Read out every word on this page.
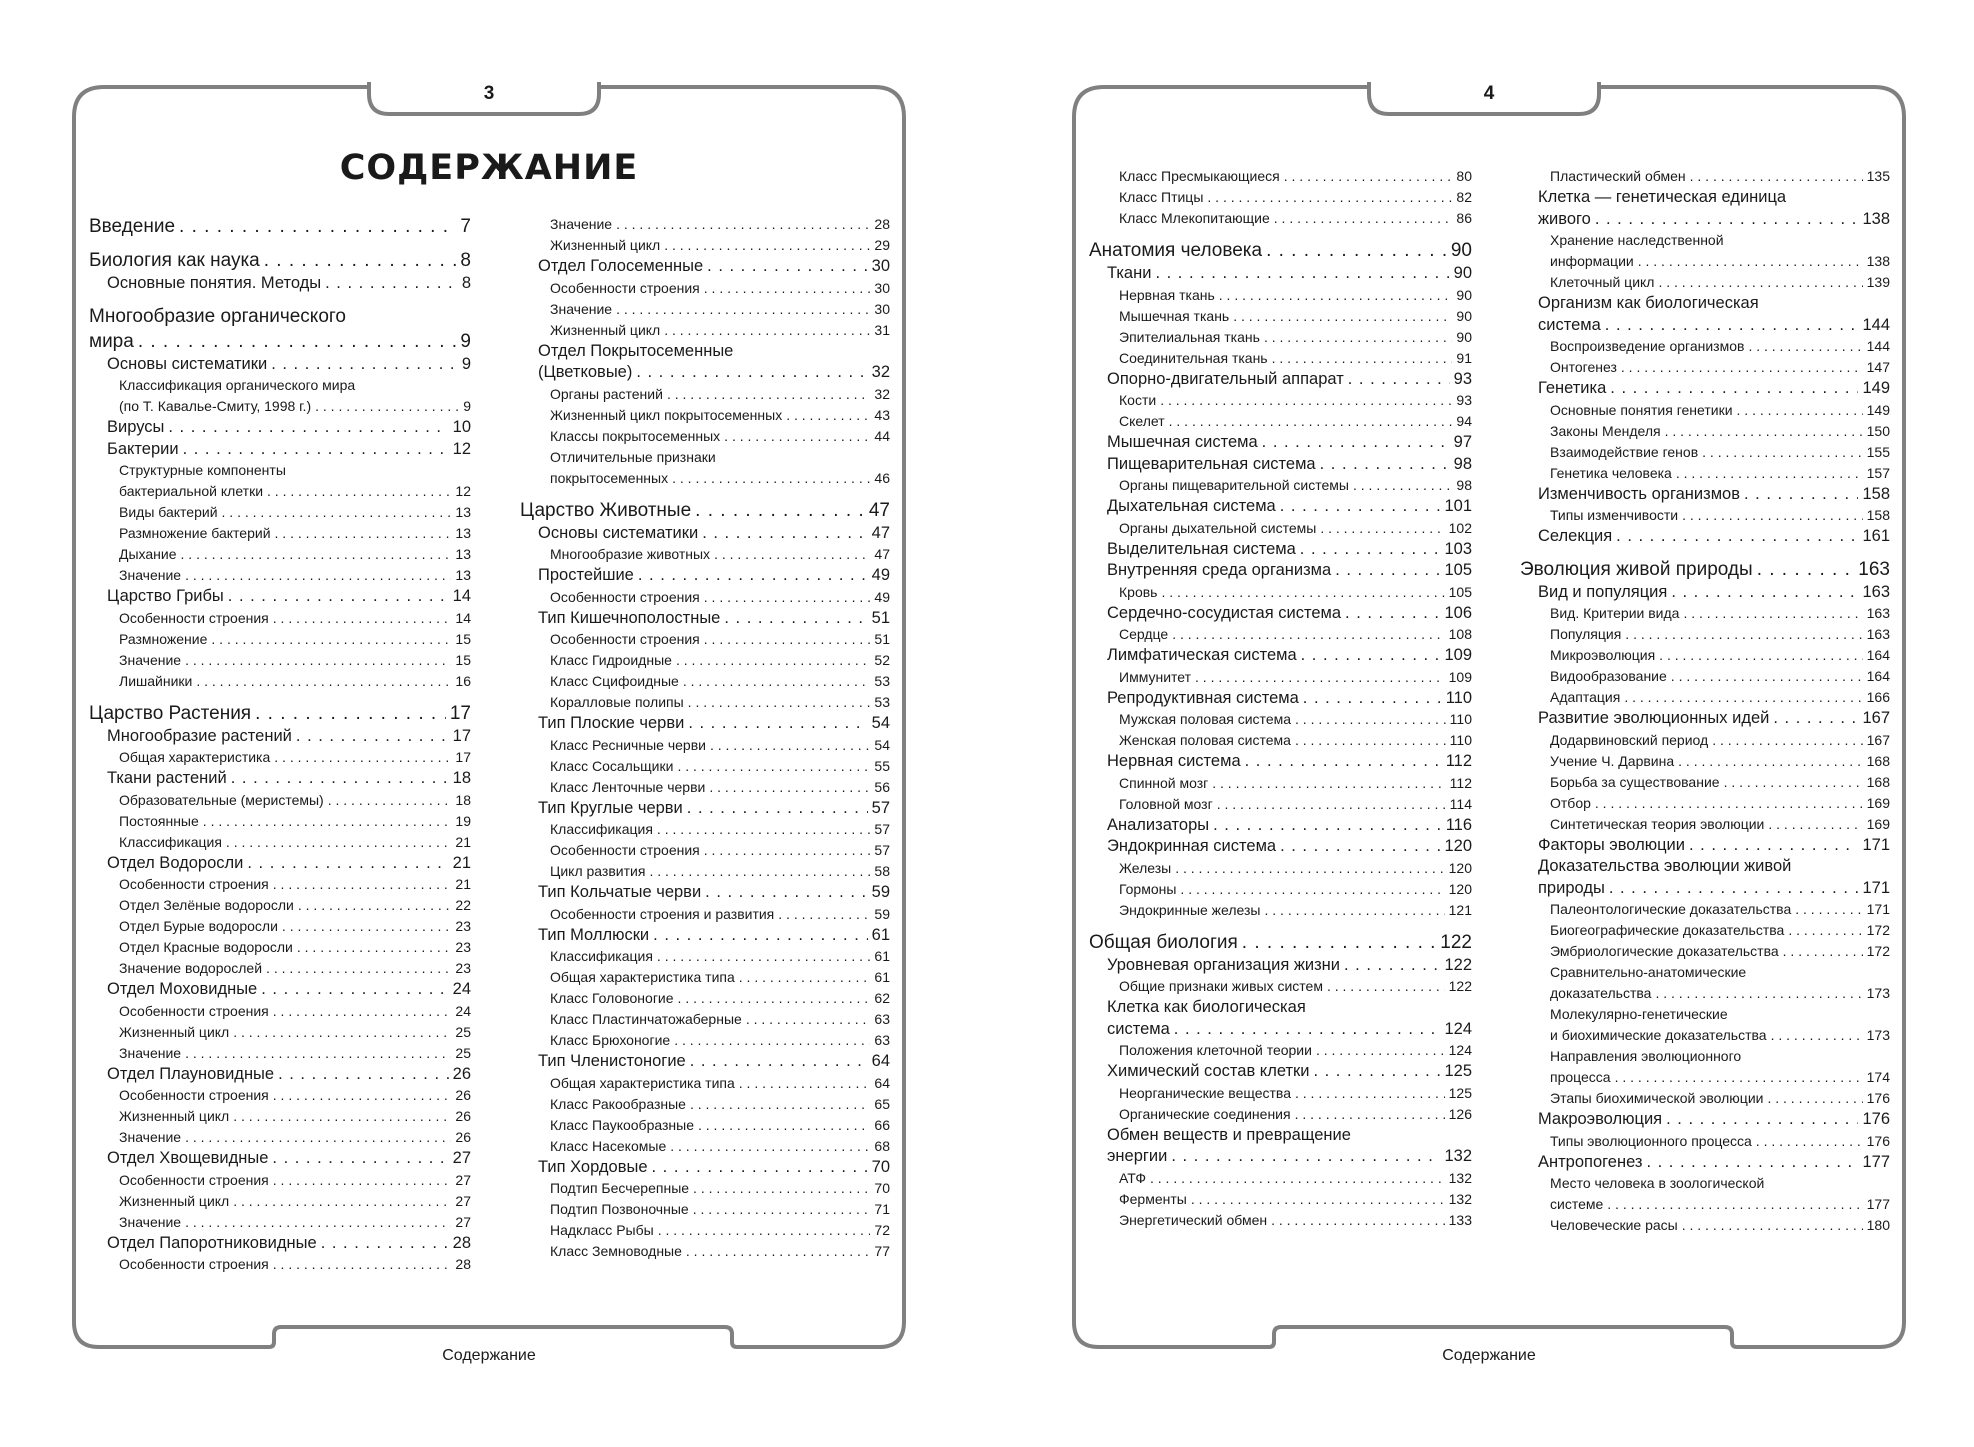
3
СОДЕРЖАНИЕ
Введение . . .	7
Биология как наука . . .	8
Основные понятия. Методы . . .	8
Многообразие органического
мира . . .	9
Основы систематики . . .	9
Классификация органического мира
(по Т. Кавалье-Смиту, 1998 г.) . . .	9
Вирусы . . .	10
Бактерии . . .	12
Структурные компоненты
бактериальной клетки . . .	12
Виды бактерий . . .	13
Размножение бактерий . . .	13
Дыхание . . .	13
Значение . . .	13
Царство Грибы . . .	14
Особенности строения . . .	14
Размножение . . .	15
Значение . . .	15
Лишайники . . .	16
Царство Растения . . .	17
Многообразие растений . . .	17
Общая характеристика . . .	17
Ткани растений . . .	18
Образовательные (меристемы) . . .	18
Постоянные . . .	19
Классификация . . .	21
Отдел Водоросли . . .	21
Особенности строения . . .	21
Отдел Зелёные водоросли . . .	22
Отдел Бурые водоросли . . .	23
Отдел Красные водоросли . . .	23
Значение водорослей . . .	23
Отдел Моховидные . . .	24
Особенности строения . . .	24
Жизненный цикл . . .	25
Значение . . .	25
Отдел Плауновидные . . .	26
Особенности строения . . .	26
Жизненный цикл . . .	26
Значение . . .	26
Отдел Хвощевидные . . .	27
Особенности строения . . .	27
Жизненный цикл . . .	27
Значение . . .	27
Отдел Папоротниковидные . . .	28
Особенности строения . . .	28
Значение . . .	28
Жизненный цикл . . .	29
Отдел Голосеменные . . .	30
Особенности строения . . .	30
Значение . . .	30
Жизненный цикл . . .	31
Отдел Покрытосеменные
(Цветковые) . . .	32
Органы растений . . .	32
Жизненный цикл покрытосеменных . . .	43
Классы покрытосеменных . . .	44
Отличительные признаки
покрытосеменных . . .	46
Царство Животные . . .	47
Основы систематики . . .	47
Многообразие животных . . .	47
Простейшие . . .	49
Особенности строения . . .	49
Тип Кишечнополостные . . .	51
Особенности строения . . .	51
Класс Гидроидные . . .	52
Класс Сцифоидные . . .	53
Коралловые полипы . . .	53
Тип Плоские черви . . .	54
Класс Ресничные черви . . .	54
Класс Сосальщики . . .	55
Класс Ленточные черви . . .	56
Тип Круглые черви . . .	57
Классификация . . .	57
Особенности строения . . .	57
Цикл развития . . .	58
Тип Кольчатые черви . . .	59
Особенности строения и развития . . .	59
Тип Моллюски . . .	61
Классификация . . .	61
Общая характеристика типа . . .	61
Класс Головоногие . . .	62
Класс Пластинчатожаберные . . .	63
Класс Брюхоногие . . .	63
Тип Членистоногие . . .	64
Общая характеристика типа . . .	64
Класс Ракообразные . . .	65
Класс Паукообразные . . .	66
Класс Насекомые . . .	68
Тип Хордовые . . .	70
Подтип Бесчерепные . . .	70
Подтип Позвоночные . . .	71
Надкласс Рыбы . . .	72
Класс Земноводные . . .	77
Содержание
4
Класс Пресмыкающиеся . . .	80
Класс Птицы . . .	82
Класс Млекопитающие . . .	86
Анатомия человека . . .	90
Ткани . . .	90
Нервная ткань . . .	90
Мышечная ткань . . .	90
Эпителиальная ткань . . .	90
Соединительная ткань . . .	91
Опорно-двигательный аппарат . . .	93
Кости . . .	93
Скелет . . .	94
Мышечная система . . .	97
Пищеварительная система . . .	98
Органы пищеварительной системы . . .	98
Дыхательная система . . .	101
Органы дыхательной системы . . .	102
Выделительная система . . .	103
Внутренняя среда организма . . .	105
Кровь . . .	105
Сердечно-сосудистая система . . .	106
Сердце . . .	108
Лимфатическая система . . .	109
Иммунитет . . .	109
Репродуктивная система . . .	110
Мужская половая система . . .	110
Женская половая система . . .	110
Нервная система . . .	112
Спинной мозг . . .	112
Головной мозг . . .	114
Анализаторы . . .	116
Эндокринная система . . .	120
Железы . . .	120
Гормоны . . .	120
Эндокринные железы . . .	121
Общая биология . . .	122
Уровневая организация жизни . . .	122
Общие признаки живых систем . . .	122
Клетка как биологическая
система . . .	124
Положения клеточной теории . . .	124
Химический состав клетки . . .	125
Неорганические вещества . . .	125
Органические соединения . . .	126
Обмен веществ и превращение
энергии . . .	132
АТФ . . .	132
Ферменты . . .	132
Энергетический обмен . . .	133
Пластический обмен . . .	135
Клетка — генетическая единица
живого . . .	138
Хранение наследственной
информации . . .	138
Клеточный цикл . . .	139
Организм как биологическая
система . . .	144
Воспроизведение организмов . . .	144
Онтогенез . . .	147
Генетика . . .	149
Основные понятия генетики . . .	149
Законы Менделя . . .	150
Взаимодействие генов . . .	155
Генетика человека . . .	157
Изменчивость организмов . . .	158
Типы изменчивости . . .	158
Селекция . . .	161
Эволюция живой природы . . .	163
Вид и популяция . . .	163
Вид. Критерии вида . . .	163
Популяция . . .	163
Микроэволюция . . .	164
Видообразование . . .	164
Адаптация . . .	166
Развитие эволюционных идей . . .	167
Додарвиновский период . . .	167
Учение Ч. Дарвина . . .	168
Борьба за существование . . .	168
Отбор . . .	169
Синтетическая теория эволюции . . .	169
Факторы эволюции . . .	171
Доказательства эволюции живой
природы . . .	171
Палеонтологические доказательства . . .	171
Биогеографические доказательства . . .	172
Эмбриологические доказательства . . .	172
Сравнительно-анатомические
доказательства . . .	173
Молекулярно-генетические
и биохимические доказательства . . .	173
Направления эволюционного
процесса . . .	174
Этапы биохимической эволюции . . .	176
Макроэволюция . . .	176
Типы эволюционного процесса . . .	176
Антропогенез . . .	177
Место человека в зоологической
системе . . .	177
Человеческие расы . . .	180
Содержание
